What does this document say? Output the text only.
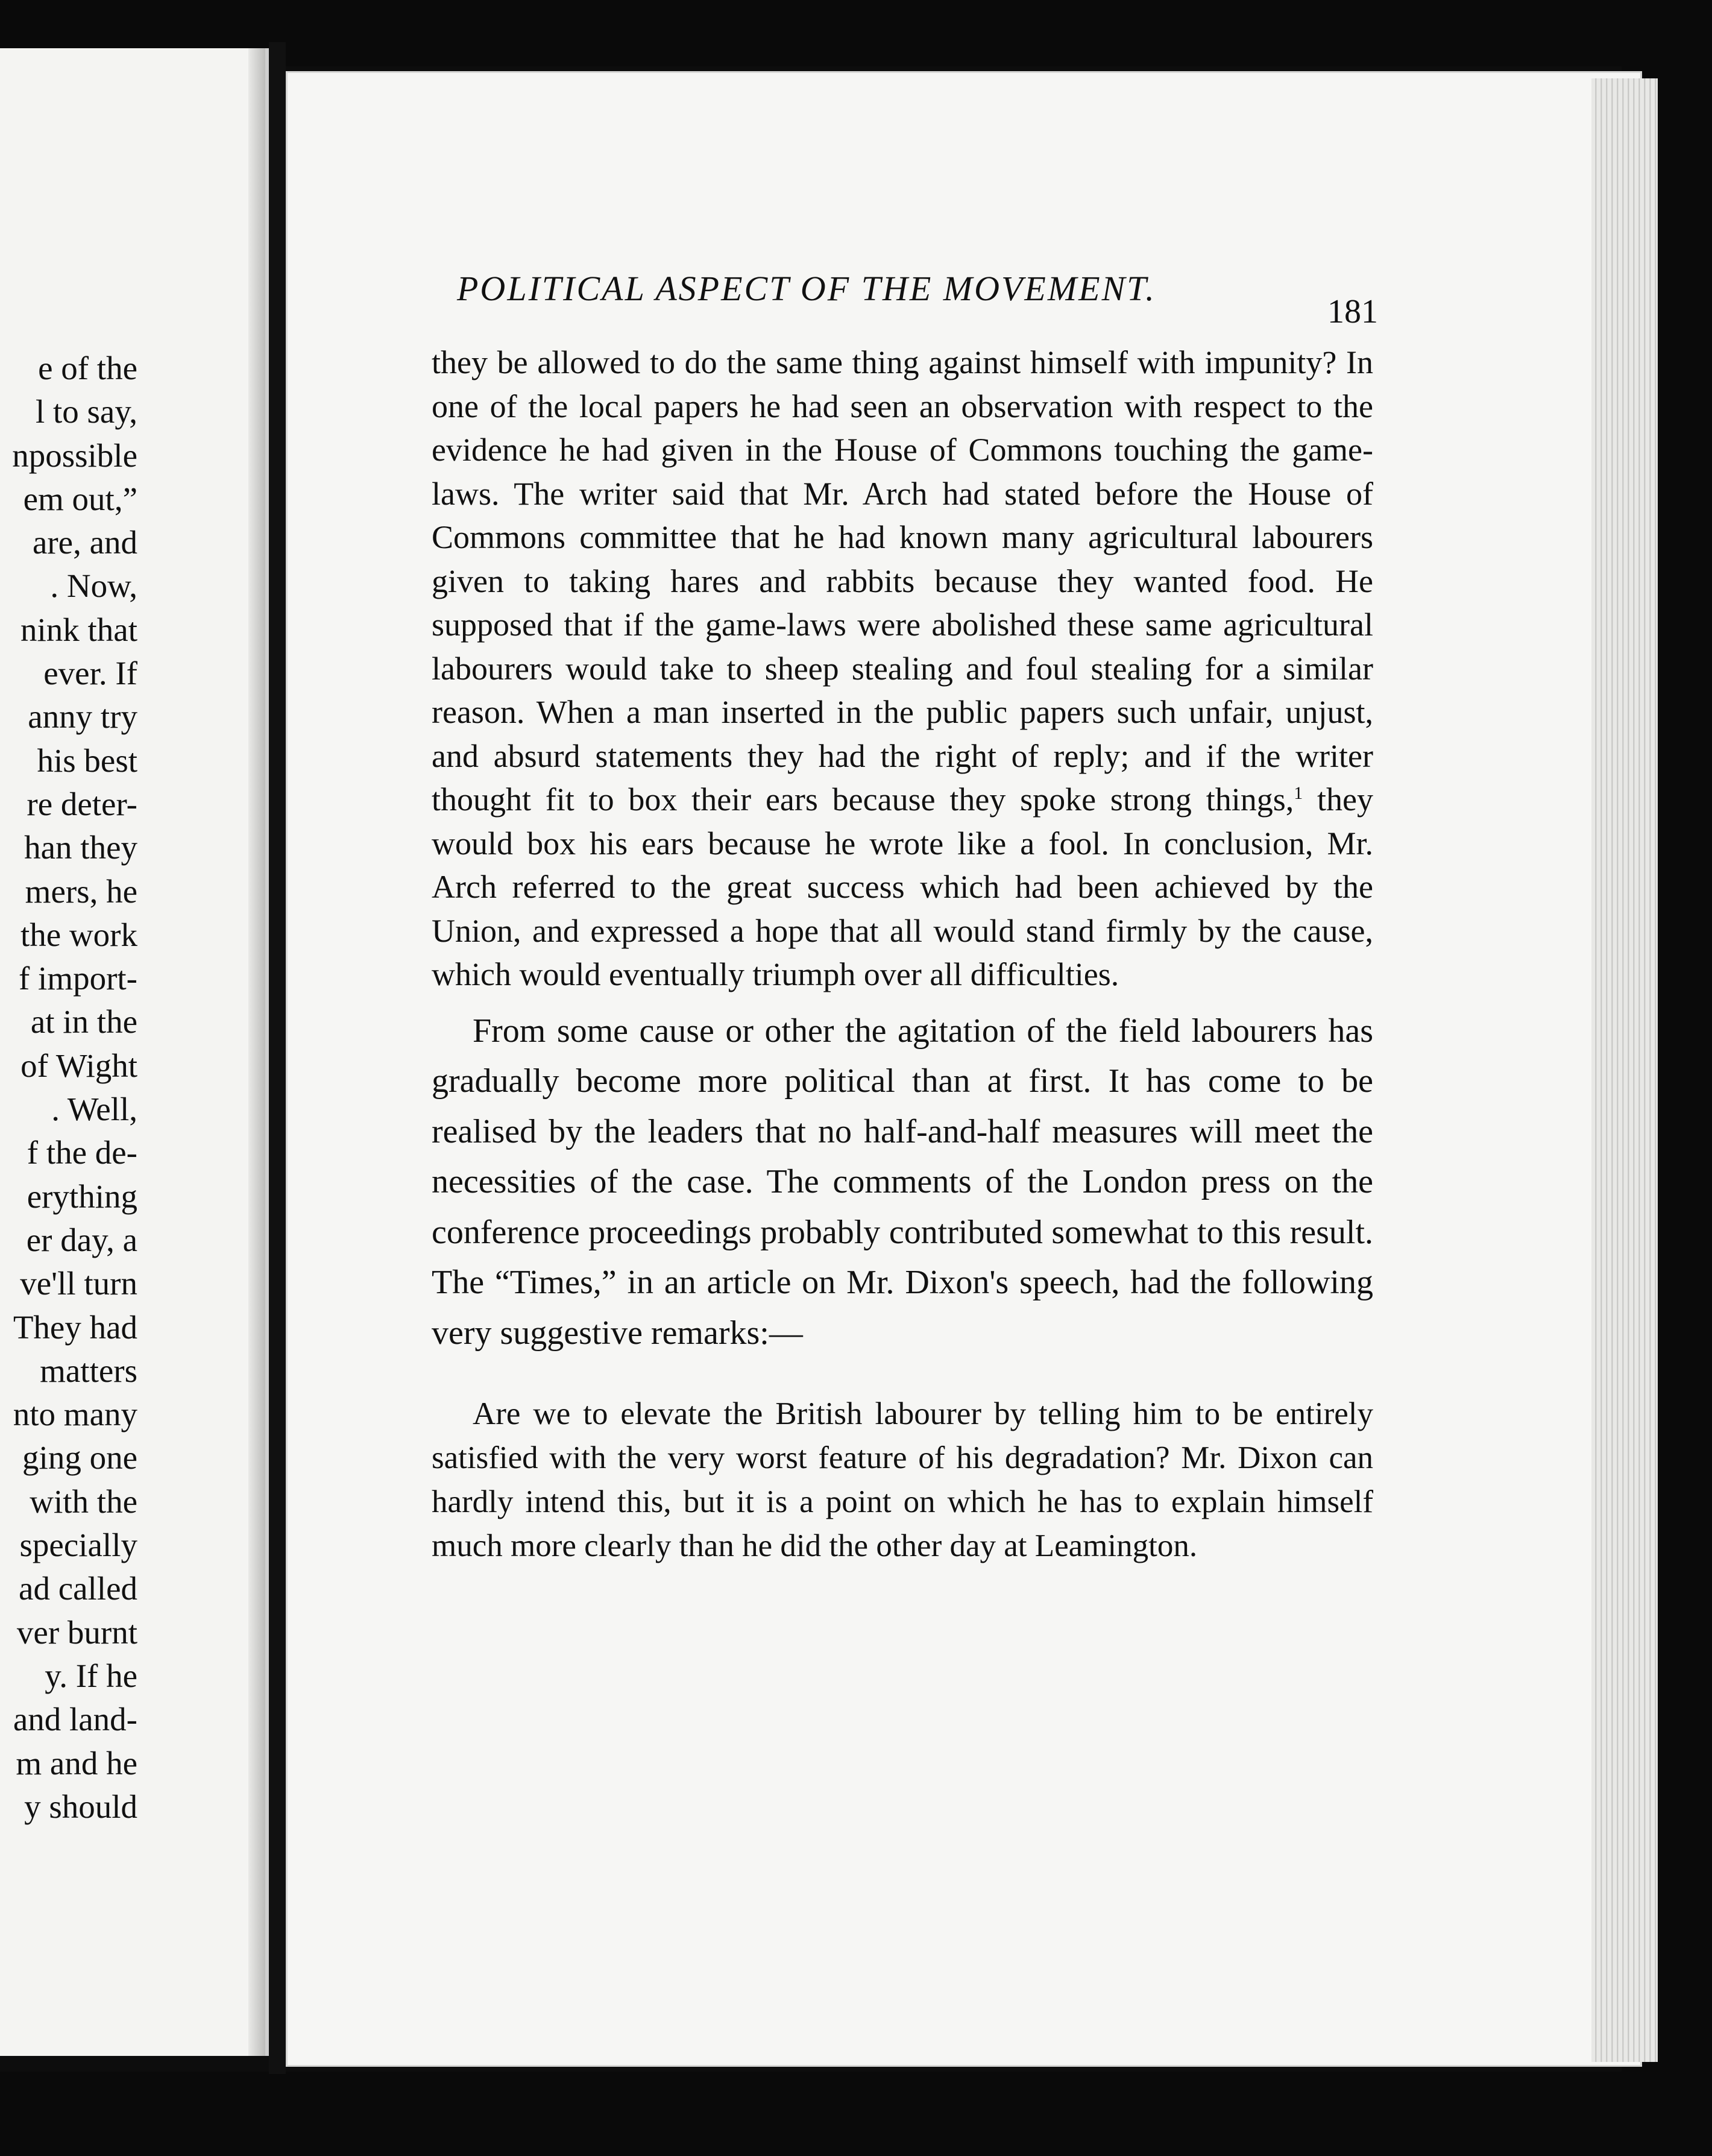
e of the
l to say,
npossible
em out,”
are, and
. Now,
nink that
ever. If
anny try
his best
re deter-
han they
mers, he
the work
f import-
at in the
of Wight
. Well,
f the de-
erything
er day, a
ve'll turn
They had
matters
nto many
ging one
with the
specially
ad called
ver burnt
y. If he
and land-
m and he
y should
POLITICAL ASPECT OF THE MOVEMENT.
181

they be allowed to do the same thing against himself with impunity? In one of the local papers he had seen an observation with respect to the evidence he had given in the House of Commons touching the game-laws. The writer said that Mr. Arch had stated before the House of Commons committee that he had known many agricultural labourers given to taking hares and rabbits because they wanted food. He supposed that if the game-laws were abolished these same agricultural labourers would take to sheep stealing and foul stealing for a similar reason. When a man inserted in the public papers such unfair, unjust, and absurd statements they had the right of reply; and if the writer thought fit to box their ears because they spoke strong things,$^1$ they would box his ears because he wrote like a fool. In conclusion, Mr. Arch referred to the great success which had been achieved by the Union, and expressed a hope that all would stand firmly by the cause, which would eventually triumph over all difficulties.

From some cause or other the agitation of the field labourers has gradually become more political than at first. It has come to be realised by the leaders that no half-and-half measures will meet the necessities of the case. The comments of the London press on the conference proceedings probably contributed somewhat to this result. The “Times,” in an article on Mr. Dixon's speech, had the following very suggestive remarks:—

Are we to elevate the British labourer by telling him to be entirely satisfied with the very worst feature of his degradation? Mr. Dixon can hardly intend this, but it is a point on which he has to explain himself much more clearly than he did the other day at Leamington.
